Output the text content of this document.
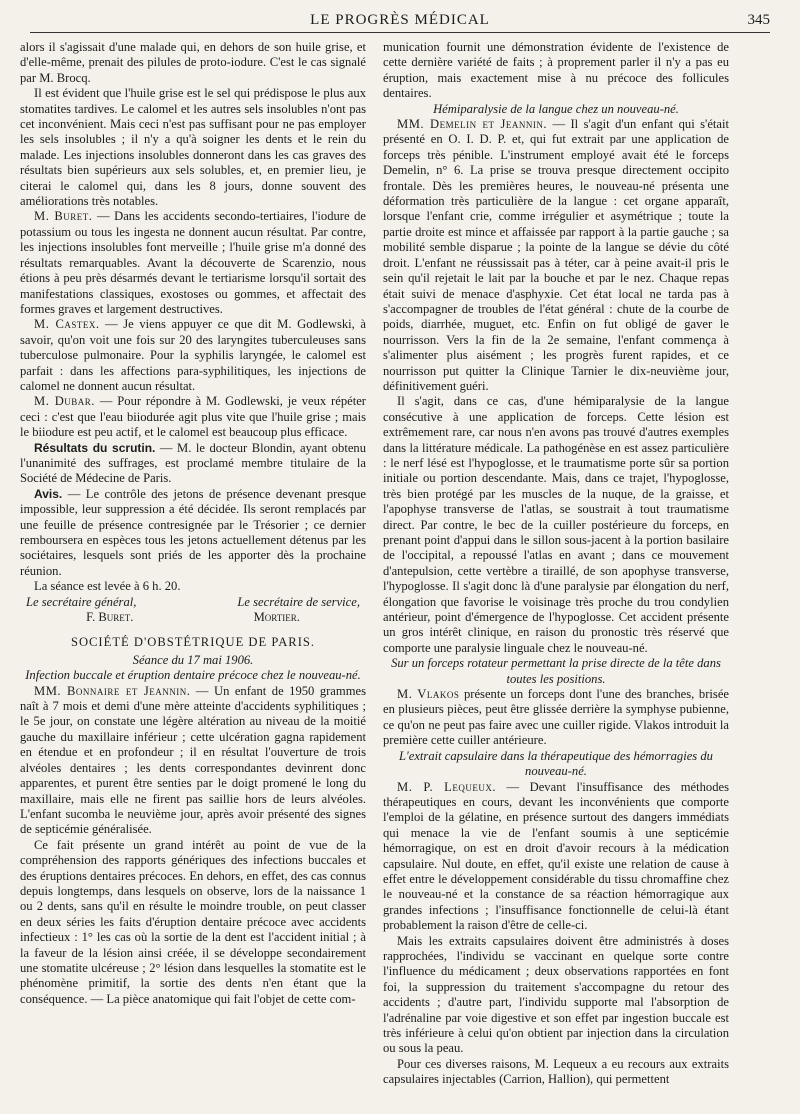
LE PROGRÈS MÉDICAL	345

alors il s'agissait d'une malade qui, en dehors de son huile grise, et d'elle-même, prenait des pilules de proto-iodure. C'est le cas signalé par M. Brocq.

Il est évident que l'huile grise est le sel qui prédispose le plus aux stomatites tardives. Le calomel et les autres sels insolubles n'ont pas cet inconvénient. Mais ceci n'est pas suffisant pour ne pas employer les sels insolubles ; il n'y a qu'à soigner les dents et le rein du malade. Les injections insolubles donneront dans les cas graves des résultats bien supérieurs aux sels solubles, et, en premier lieu, je citerai le calomel qui, dans les 8 jours, donne souvent des améliorations très notables.

M. Buret. — Dans les accidents secondo-tertiaires, l'iodure de potassium ou tous les ingesta ne donnent aucun résultat. Par contre, les injections insolubles font merveille ; l'huile grise m'a donné des résultats remarquables. Avant la découverte de Scarenzio, nous étions à peu près désarmés devant le tertiarisme lorsqu'il sortait des manifestations classiques, exostoses ou gommes, et affectait des formes graves et largement destructives.

M. Castex. — Je viens appuyer ce que dit M. Godlewski, à savoir, qu'on voit une fois sur 20 des laryngites tuberculeuses sans tuberculose pulmonaire. Pour la syphilis laryngée, le calomel est parfait : dans les affections para-syphilitiques, les injections de calomel ne donnent aucun résultat.

M. Dubar. — Pour répondre à M. Godlewski, je veux répéter ceci : c'est que l'eau biiodurée agit plus vite que l'huile grise ; mais le biiodure est peu actif, et le calomel est beaucoup plus efficace.

Résultats du scrutin. — M. le docteur Blondin, ayant obtenu l'unanimité des suffrages, est proclamé membre titulaire de la Société de Médecine de Paris.

Avis. — Le contrôle des jetons de présence devenant presque impossible, leur suppression a été décidée. Ils seront remplacés par une feuille de présence contresignée par le Trésorier ; ce dernier remboursera en espèces tous les jetons actuellement détenus par les sociétaires, lesquels sont priés de les apporter dès la prochaine réunion.

La séance est levée à 6 h. 20.

Le secrétaire général,	Le secrétaire de service,
F. Buret.	Mortier.
SOCIÉTÉ D'OBSTÉTRIQUE DE PARIS.
Séance du 17 mai 1906.
Infection buccale et éruption dentaire précoce chez le nouveau-né.

MM. Bonnaire et Jeannin. — Un enfant de 1950 grammes naît à 7 mois et demi d'une mère atteinte d'accidents syphilitiques ; le 5e jour, on constate une légère altération au niveau de la moitié gauche du maxillaire inférieur ; cette ulcération gagna rapidement en étendue et en profondeur ; il en résultat l'ouverture de trois alvéoles dentaires ; les dents correspondantes devinrent donc apparentes, et purent être senties par le doigt promené le long du maxillaire, mais elle ne firent pas saillie hors de leurs alvéoles. L'enfant sucomba le neuvième jour, après avoir présenté des signes de septicémie généralisée.

Ce fait présente un grand intérêt au point de vue de la compréhension des rapports génériques des infections buccales et des éruptions dentaires précoces. En dehors, en effet, des cas connus depuis longtemps, dans lesquels on observe, lors de la naissance 1 ou 2 dents, sans qu'il en résulte le moindre trouble, on peut classer en deux séries les faits d'éruption dentaire précoce avec accidents infectieux : 1° les cas où la sortie de la dent est l'accident initial ; à la faveur de la lésion ainsi créée, il se développe secondairement une stomatite ulcéreuse ; 2° lésion dans lesquelles la stomatite est le phénomène primitif, la sortie des dents n'en étant que la conséquence. — La pièce anatomique qui fait l'objet de cette com-

munication fournit une démonstration évidente de l'existence de cette dernière variété de faits ; à proprement parler il n'y a pas eu éruption, mais exactement mise à nu précoce des follicules dentaires.

Hémiparalysie de la langue chez un nouveau-né.

MM. Demelin et Jeannin. — Il s'agit d'un enfant qui s'était présenté en O. I. D. P. et, qui fut extrait par une application de forceps très pénible. L'instrument employé avait été le forceps Demelin, n° 6. La prise se trouva presque directement occipito frontale. Dès les premières heures, le nouveau-né présenta une déformation très particulière de la langue : cet organe apparaît, lorsque l'enfant crie, comme irrégulier et asymétrique ; toute la partie droite est mince et affaissée par rapport à la partie gauche ; sa mobilité semble disparue ; la pointe de la langue se dévie du côté droit. L'enfant ne réussissait pas à téter, car à peine avait-il pris le sein qu'il rejetait le lait par la bouche et par le nez. Chaque repas était suivi de menace d'asphyxie. Cet état local ne tarda pas à s'accompagner de troubles de l'état général : chute de la courbe de poids, diarrhée, muguet, etc. Enfin on fut obligé de gaver le nourrisson. Vers la fin de la 2e semaine, l'enfant commença à s'alimenter plus aisément ; les progrès furent rapides, et ce nourrisson put quitter la Clinique Tarnier le dix-neuvième jour, définitivement guéri.

Il s'agit, dans ce cas, d'une hémiparalysie de la langue consécutive à une application de forceps. Cette lésion est extrêmement rare, car nous n'en avons pas trouvé d'autres exemples dans la littérature médicale. La pathogénèse en est assez particulière : le nerf lésé est l'hypoglosse, et le traumatisme porte sûr sa portion initiale ou portion descendante. Mais, dans ce trajet, l'hypoglosse, très bien protégé par les muscles de la nuque, de la graisse, et l'apophyse transverse de l'atlas, se soustrait à tout traumatisme direct. Par contre, le bec de la cuiller postérieure du forceps, en prenant point d'appui dans le sillon sous-jacent à la portion basilaire de l'occipital, a repoussé l'atlas en avant ; dans ce mouvement d'antepulsion, cette vertèbre a tiraillé, de son apophyse transverse, l'hypoglosse. Il s'agit donc là d'une paralysie par élongation du nerf, élongation que favorise le voisinage très proche du trou condylien antérieur, point d'émergence de l'hypoglosse. Cet accident présente un gros intérêt clinique, en raison du pronostic très réservé que comporte une paralysie linguale chez le nouveau-né.

Sur un forceps rotateur permettant la prise directe de la tête dans toutes les positions.

M. Vlakos présente un forceps dont l'une des branches, brisée en plusieurs pièces, peut être glissée derrière la symphyse pubienne, ce qu'on ne peut pas faire avec une cuiller rigide. Vlakos introduit la première cette cuiller antérieure.

L'extrait capsulaire dans la thérapeutique des hémorragies du nouveau-né.

M. P. Lequeux. — Devant l'insuffisance des méthodes thérapeutiques en cours, devant les inconvénients que comporte l'emploi de la gélatine, en présence surtout des dangers immédiats qui menace la vie de l'enfant soumis à une septicémie hémorragique, on est en droit d'avoir recours à la médication capsulaire. Nul doute, en effet, qu'il existe une relation de cause à effet entre le développement considérable du tissu chromaffine chez le nouveau-né et la constance de sa réaction hémorragique aux grandes infections ; l'insuffisance fonctionnelle de celui-là étant probablement la raison d'être de celle-ci.

Mais les extraits capsulaires doivent être administrés à doses rapprochées, l'individu se vaccinant en quelque sorte contre l'influence du médicament ; deux observations rapportées en font foi, la suppression du traitement s'accompagne du retour des accidents ; d'autre part, l'individu supporte mal l'absorption de l'adrénaline par voie digestive et son effet par ingestion buccale est très inférieure à celui qu'on obtient par injection dans la circulation ou sous la peau.

Pour ces diverses raisons, M. Lequeux a eu recours aux extraits capsulaires injectables (Carrion, Hallion), qui permettent
